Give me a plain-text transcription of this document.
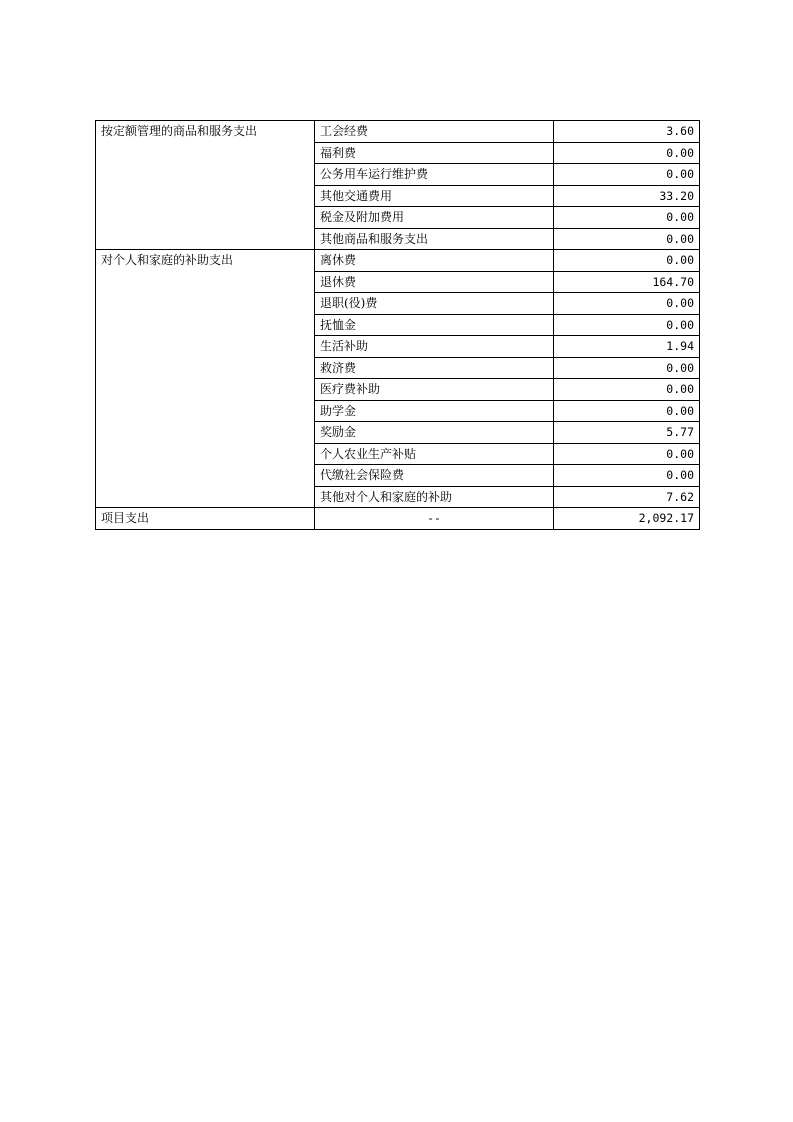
按定额管理的商品和服务支出	工会经费	3.60
	福利费	0.00
	公务用车运行维护费	0.00
	其他交通费用	33.20
	税金及附加费用	0.00
	其他商品和服务支出	0.00
对个人和家庭的补助支出	离休费	0.00
	退休费	164.70
	退职(役)费	0.00
	抚恤金	0.00
	生活补助	1.94
	救济费	0.00
	医疗费补助	0.00
	助学金	0.00
	奖励金	5.77
	个人农业生产补贴	0.00
	代缴社会保险费	0.00
	其他对个人和家庭的补助	7.62
项目支出	--	2,092.17
